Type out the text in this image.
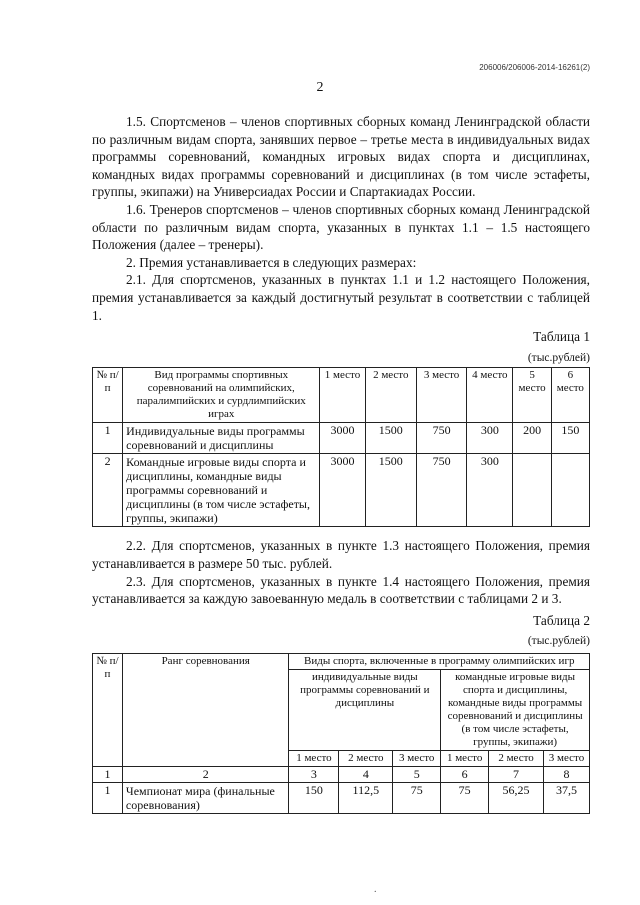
206006/206006-2014-16261(2)
2

1.5. Спортсменов – членов спортивных сборных команд Ленинградской области по различным видам спорта, занявших первое – третье места в индивидуальных видах программы соревнований, командных игровых видах спорта и дисциплинах, командных видах программы соревнований и дисциплинах (в том числе эстафеты, группы, экипажи) на Универсиадах России и Спартакиадах России.

1.6. Тренеров спортсменов – членов спортивных сборных команд Ленинградской области по различным видам спорта, указанных в пунктах 1.1 – 1.5 настоящего Положения (далее – тренеры).

2. Премия устанавливается в следующих размерах:

2.1. Для спортсменов, указанных в пунктах 1.1 и 1.2 настоящего Положения, премия устанавливается за каждый достигнутый результат в соответствии с таблицей 1.

Таблица 1

(тыс.рублей)
№ п/п	Вид программы спортивных соревнований на олимпийских, паралимпийских и сурдлимпийских играх	1 место	2 место	3 место	4 место	5 место	6 место
1	Индивидуальные виды программы соревнований и дисциплины	3000	1500	750	300	200	150
2	Командные игровые виды спорта и дисциплины, командные виды программы соревнований и дисциплины (в том числе эстафеты, группы, экипажи)	3000	1500	750	300		

2.2. Для спортсменов, указанных в пункте 1.3 настоящего Положения, премия устанавливается в размере 50 тыс. рублей.

2.3. Для спортсменов, указанных в пункте 1.4 настоящего Положения, премия устанавливается за каждую завоеванную медаль в соответствии с таблицами 2 и 3.

Таблица 2

(тыс.рублей)
№ п/п	Ранг соревнования	Виды спорта, включенные в программу олимпийских игр					
		индивидуальные виды программы соревнований и дисциплины			командные игровые виды спорта и дисциплины, командные виды программы соревнований и дисциплины (в том числе эстафеты, группы, экипажи)		
		1 место	2 место	3 место	1 место	2 место	3 место
1	2	3	4	5	6	7	8
1	Чемпионат мира (финальные соревнования)	150	112,5	75	75	56,25	37,5
.
